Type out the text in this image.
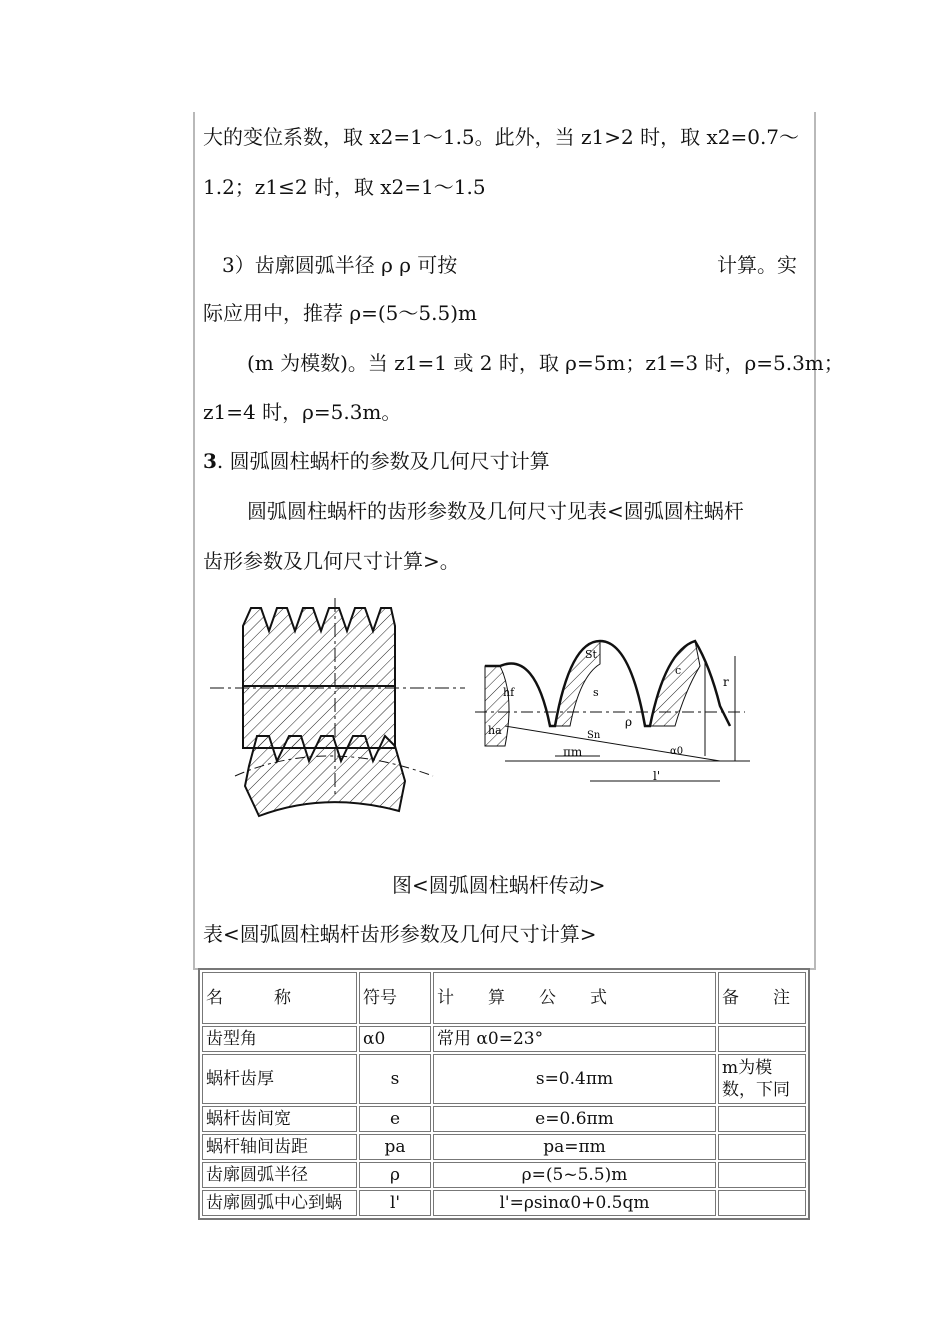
大的变位系数，取 x2=1～1.5。此外，当 z1>2 时，取 x2=0.7～
1.2；z1≤2 时，取 x2=1～1.5
3）齿廓圆弧半径 ρ ρ 可按	计算。实
际应用中，推荐 ρ=(5～5.5)m
(m 为模数)。当 z1=1 或 2 时，取 ρ=5m；z1=3 时，ρ=5.3m；
z1=4 时，ρ=5.3m。
3. 圆弧圆柱蜗杆的参数及几何尺寸计算
圆弧圆柱蜗杆的齿形参数及几何尺寸见表<圆弧圆柱蜗杆
齿形参数及几何尺寸计算>。
St
s
Sn
πm
l'
ha
hf
ρ
α0
r
c
图<圆弧圆柱蜗杆传动>
表<圆弧圆柱蜗杆齿形参数及几何尺寸计算>
名　　　称	符号	计　　算　　公　　式	备　　注
齿型角	α0	常用 α0=23°	
蜗杆齿厚	s	s=0.4πm	m为模数，下同
蜗杆齿间宽	e	e=0.6πm	
蜗杆轴间齿距	pa	pa=πm	
齿廓圆弧半径	ρ	ρ=(5~5.5)m	
齿廓圆弧中心到蜗	l'	l'=ρsinα0+0.5qm	
